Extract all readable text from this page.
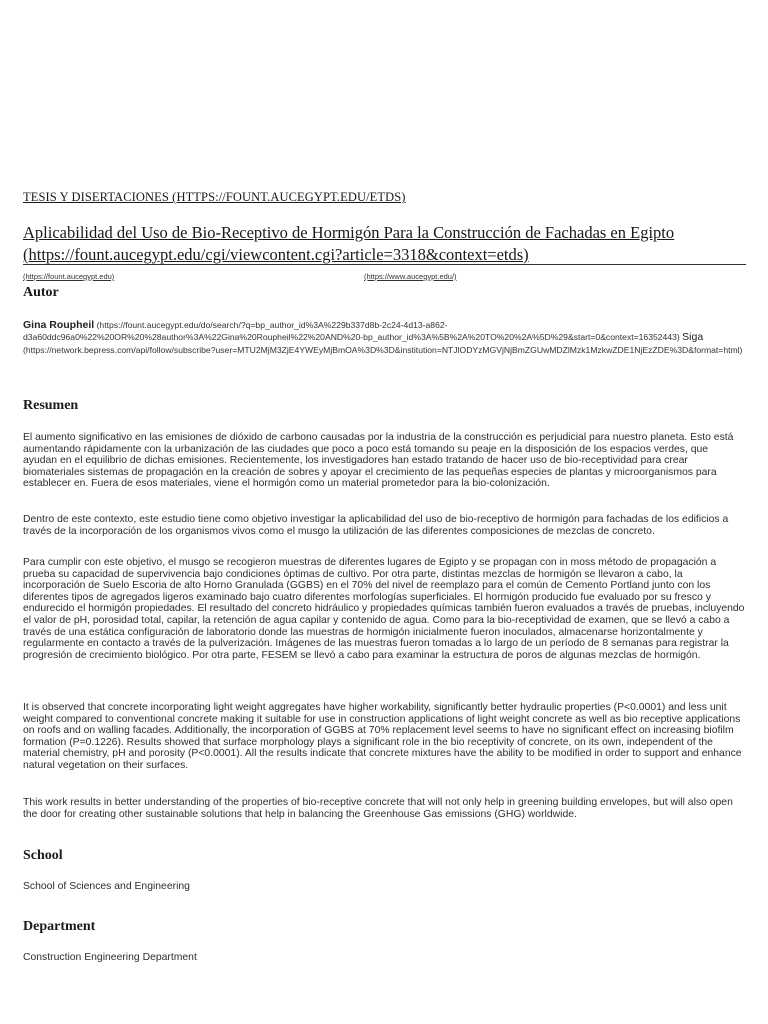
TESIS Y DISERTACIONES (HTTPS://FOUNT.AUCEGYPT.EDU/ETDS)
Aplicabilidad del Uso de Bio-Receptivo de Hormigón Para la Construcción de Fachadas en Egipto
(https://fount.aucegypt.edu/cgi/viewcontent.cgi?article=3318&context=etds)
(https://fount.aucegypt.edu)	(https://www.aucegypt.edu/)
Autor
Gina Roupheil (https://fount.aucegypt.edu/do/search/?q=bp_author_id%3A%229b337d8b-2c24-4d13-a862-d3a60ddc96a0%22%20OR%20%28author%3A%22Gina%20Roupheil%22%20AND%20-bp_author_id%3A%5B%2A%20TO%20%2A%5D%29&start=0&context=16352443) Siga (https://network.bepress.com/api/follow/subscribe?user=MTU2MjM3ZjE4YWEyMjBmOA%3D%3D&institution=NTJlODYzMGVjNjBmZGUwMDZlMzk1MzkwZDE1NjEzZDE%3D&format=html)
Resumen

El aumento significativo en las emisiones de dióxido de carbono causadas por la industria de la construcción es perjudicial para nuestro planeta. Esto está aumentando rápidamente con la urbanización de las ciudades que poco a poco está tomando su peaje en la disposición de los espacios verdes, que ayudan en el equilibrio de dichas emisiones. Recientemente, los investigadores han estado tratando de hacer uso de bio-receptividad para crear biomateriales sistemas de propagación en la creación de sobres y apoyar el crecimiento de las pequeñas especies de plantas y microorganismos para establecer en. Fuera de esos materiales, viene el hormigón como un material prometedor para la bio-colonización.

Dentro de este contexto, este estudio tiene como objetivo investigar la aplicabilidad del uso de bio-receptivo de hormigón para fachadas de los edificios a través de la incorporación de los organismos vivos como el musgo la utilización de las diferentes composiciones de mezclas de concreto.

Para cumplir con este objetivo, el musgo se recogieron muestras de diferentes lugares de Egipto y se propagan con in moss método de propagación a prueba su capacidad de supervivencia bajo condiciones óptimas de cultivo. Por otra parte, distintas mezclas de hormigón se llevaron a cabo, la incorporación de Suelo Escoria de alto Horno Granulada (GGBS) en el 70% del nivel de reemplazo para el común de Cemento Portland junto con los diferentes tipos de agregados ligeros examinado bajo cuatro diferentes morfologías superficiales. El hormigón producido fue evaluado por su fresco y endurecido el hormigón propiedades. El resultado del concreto hidráulico y propiedades químicas también fueron evaluados a través de pruebas, incluyendo el valor de pH, porosidad total, capilar, la retención de agua capilar y contenido de agua. Como para la bio-receptividad de examen, que se llevó a cabo a través de una estática configuración de laboratorio donde las muestras de hormigón inicialmente fueron inoculados, almacenarse horizontalmente y regularmente en contacto a través de la pulverización. Imágenes de las muestras fueron tomadas a lo largo de un período de 8 semanas para registrar la progresión de crecimiento biológico. Por otra parte, FESEM se llevó a cabo para examinar la estructura de poros de algunas mezclas de hormigón.

It is observed that concrete incorporating light weight aggregates have higher workability, significantly better hydraulic properties (P<0.0001) and less unit weight compared to conventional concrete making it suitable for use in construction applications of light weight concrete as well as bio receptive applications on roofs and on walling facades. Additionally, the incorporation of GGBS at 70% replacement level seems to have no significant effect on increasing biofilm formation (P=0.1226). Results showed that surface morphology plays a significant role in the bio receptivity of concrete, on its own, independent of the material chemistry, pH and porosity (P<0.0001). All the results indicate that concrete mixtures have the ability to be modified in order to support and enhance natural vegetation on their surfaces.

This work results in better understanding of the properties of bio-receptive concrete that will not only help in greening building envelopes, but will also open the door for creating other sustainable solutions that help in balancing the Greenhouse Gas emissions (GHG) worldwide.

School
School of Sciences and Engineering
Department
Construction Engineering Department
